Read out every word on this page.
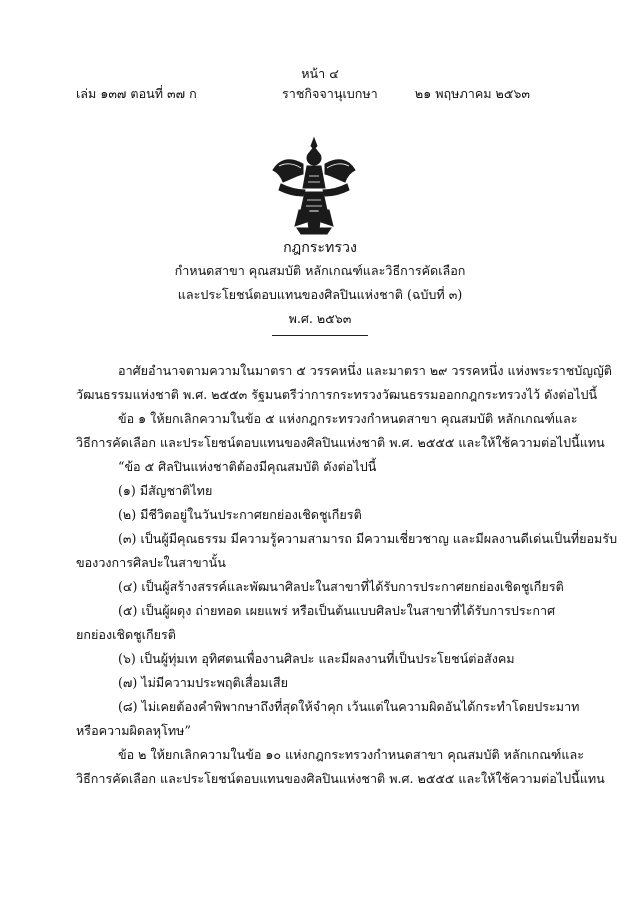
หน้า ๔
เล่ม ๑๓๗ ตอนที่ ๓๗ ก	ราชกิจจานุเบกษา	๒๑ พฤษภาคม ๒๕๖๓
กฎกระทรวง
กำหนดสาขา คุณสมบัติ หลักเกณฑ์และวิธีการคัดเลือก
และประโยชน์ตอบแทนของศิลปินแห่งชาติ (ฉบับที่ ๓)
พ.ศ. ๒๕๖๓
อาศัยอำนาจตามความในมาตรา ๕ วรรคหนึ่ง และมาตรา ๒๙ วรรคหนึ่ง แห่งพระราชบัญญัติ
วัฒนธรรมแห่งชาติ พ.ศ. ๒๕๕๓ รัฐมนตรีว่าการกระทรวงวัฒนธรรมออกกฎกระทรวงไว้ ดังต่อไปนี้
ข้อ ๑ ให้ยกเลิกความในข้อ ๕ แห่งกฎกระทรวงกำหนดสาขา คุณสมบัติ หลักเกณฑ์และ
วิธีการคัดเลือก และประโยชน์ตอบแทนของศิลปินแห่งชาติ พ.ศ. ๒๕๕๕ และให้ใช้ความต่อไปนี้แทน
“ข้อ ๕ ศิลปินแห่งชาติต้องมีคุณสมบัติ ดังต่อไปนี้
(๑) มีสัญชาติไทย
(๒) มีชีวิตอยู่ในวันประกาศยกย่องเชิดชูเกียรติ
(๓) เป็นผู้มีคุณธรรม มีความรู้ความสามารถ มีความเชี่ยวชาญ และมีผลงานดีเด่นเป็นที่ยอมรับ
ของวงการศิลปะในสาขานั้น
(๔) เป็นผู้สร้างสรรค์และพัฒนาศิลปะในสาขาที่ได้รับการประกาศยกย่องเชิดชูเกียรติ
(๕) เป็นผู้ผดุง ถ่ายทอด เผยแพร่ หรือเป็นต้นแบบศิลปะในสาขาที่ได้รับการประกาศ
ยกย่องเชิดชูเกียรติ
(๖) เป็นผู้ทุ่มเท อุทิศตนเพื่องานศิลปะ และมีผลงานที่เป็นประโยชน์ต่อสังคม
(๗) ไม่มีความประพฤติเสื่อมเสีย
(๘) ไม่เคยต้องคำพิพากษาถึงที่สุดให้จำคุก เว้นแต่ในความผิดอันได้กระทำโดยประมาท
หรือความผิดลหุโทษ”
ข้อ ๒ ให้ยกเลิกความในข้อ ๑๐ แห่งกฎกระทรวงกำหนดสาขา คุณสมบัติ หลักเกณฑ์และ
วิธีการคัดเลือก และประโยชน์ตอบแทนของศิลปินแห่งชาติ พ.ศ. ๒๕๕๕ และให้ใช้ความต่อไปนี้แทน
